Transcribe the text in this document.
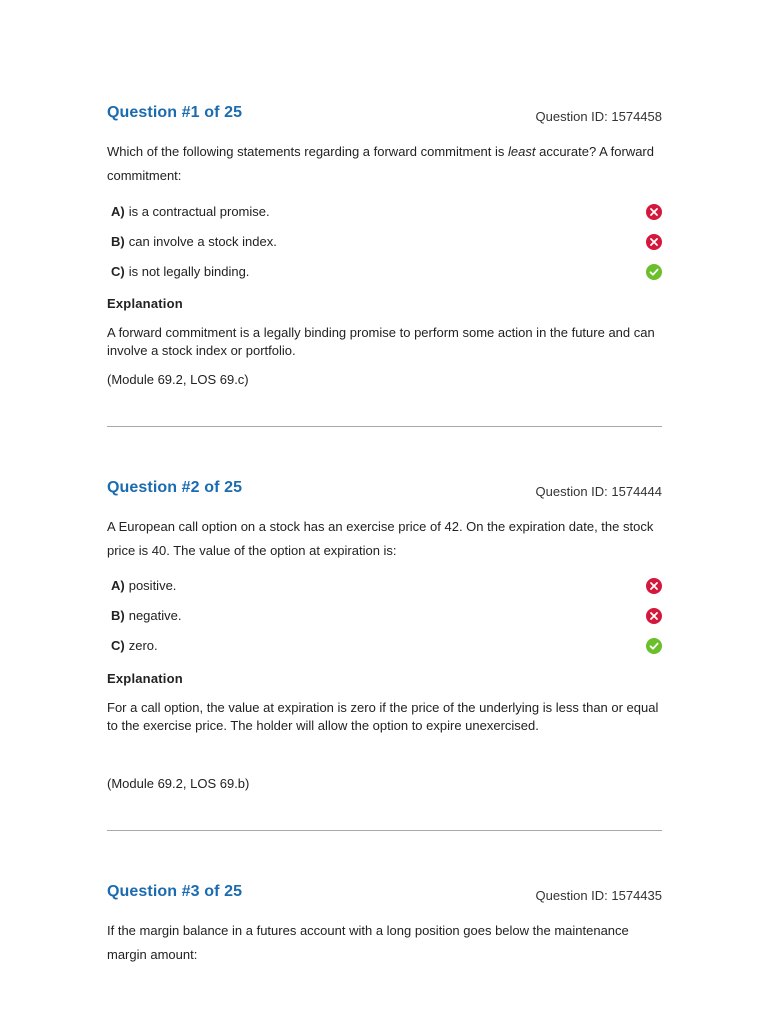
Question #1 of 25	Question ID: 1574458
Which of the following statements regarding a forward commitment is least accurate? A forward commitment:
A) is a contractual promise.
B) can involve a stock index.
C) is not legally binding.
Explanation
A forward commitment is a legally binding promise to perform some action in the future and can involve a stock index or portfolio.
(Module 69.2, LOS 69.c)
Question #2 of 25	Question ID: 1574444
A European call option on a stock has an exercise price of 42. On the expiration date, the stock price is 40. The value of the option at expiration is:
A) positive.
B) negative.
C) zero.
Explanation
For a call option, the value at expiration is zero if the price of the underlying is less than or equal to the exercise price. The holder will allow the option to expire unexercised.
(Module 69.2, LOS 69.b)
Question #3 of 25	Question ID: 1574435
If the margin balance in a futures account with a long position goes below the maintenance margin amount:
